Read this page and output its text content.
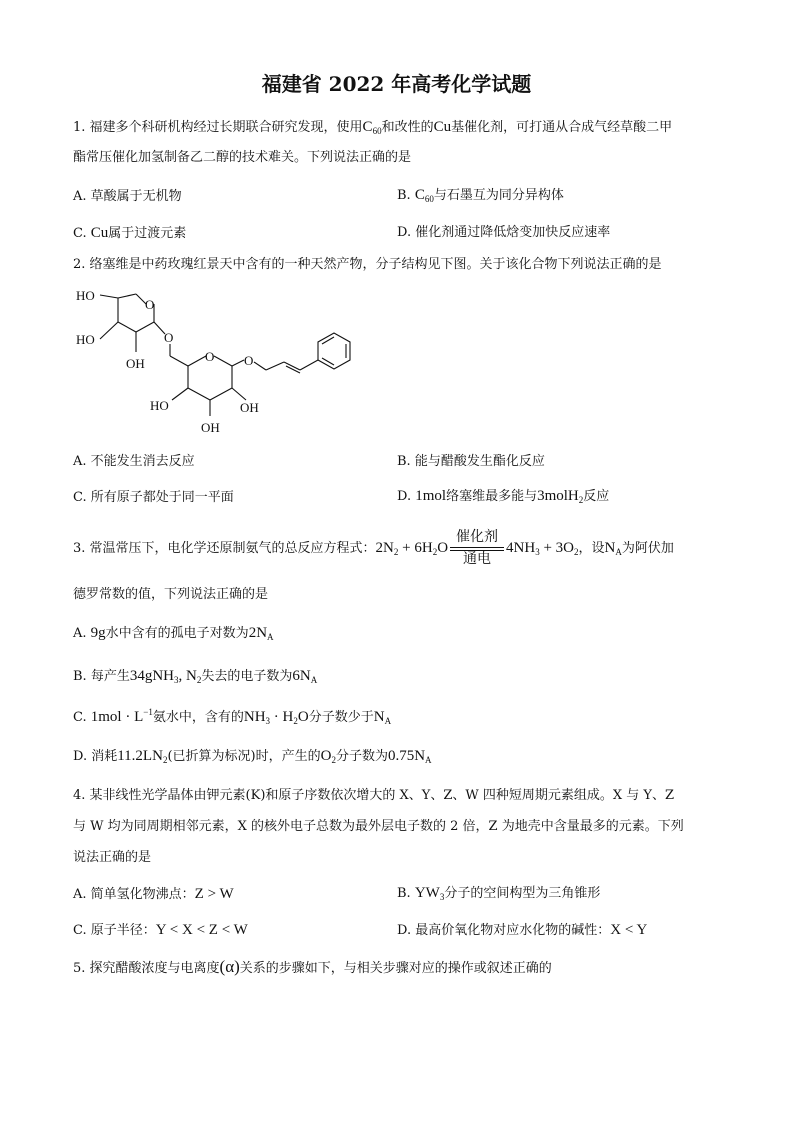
福建省 2022 年高考化学试题
1. 福建多个科研机构经过长期联合研究发现，使用$C_{60}$和改性的Cu基催化剂，可打通从合成气经草酸二甲
酯常压催化加氢制备乙二醇的技术难关。下列说法正确的是
A. 草酸属于无机物	B. $C_{60}$与石墨互为同分异构体
C. Cu属于过渡元素	D. 催化剂通过降低焓变加快反应速率
2. 络塞维是中药玫瑰红景天中含有的一种天然产物，分子结构见下图。关于该化合物下列说法正确的是
HO
HO
OH
O
O
O O
HO	OH
OH
A. 不能发生消去反应	B. 能与醋酸发生酯化反应
C. 所有原子都处于同一平面	D. 1mol络塞维最多能与3molH$_2$反应
3. 常温常压下，电化学还原制氨气的总反应方程式：$2N_2 + 6H_2O \frac{\text{催化剂}}{\text{通电}} 4NH_3 + 3O_2$，设$N_A$为阿伏加
德罗常数的值，下列说法正确的是
A. 9g水中含有的孤电子对数为$2N_A$
B. 每产生34gNH$_3$, $N_2$失去的电子数为$6N_A$
C. $1mol \cdot L^{-1}$氨水中，含有的$NH_3 \cdot H_2O$分子数少于$N_A$
D. 消耗$11.2LN_2$(已折算为标况)时，产生的$O_2$分子数为$0.75N_A$
4. 某非线性光学晶体由钾元素(K)和原子序数依次增大的 X、Y、Z、W 四种短周期元素组成。X 与 Y、Z
与 W 均为同周期相邻元素，X 的核外电子总数为最外层电子数的 2 倍，Z 为地壳中含量最多的元素。下列
说法正确的是
A. 简单氢化物沸点：Z > W	B. $YW_3$分子的空间构型为三角锥形
C. 原子半径：Y < X < Z < W	D. 最高价氧化物对应水化物的碱性：X < Y
5. 探究醋酸浓度与电离度(α)关系的步骤如下，与相关步骤对应的操作或叙述正确的
